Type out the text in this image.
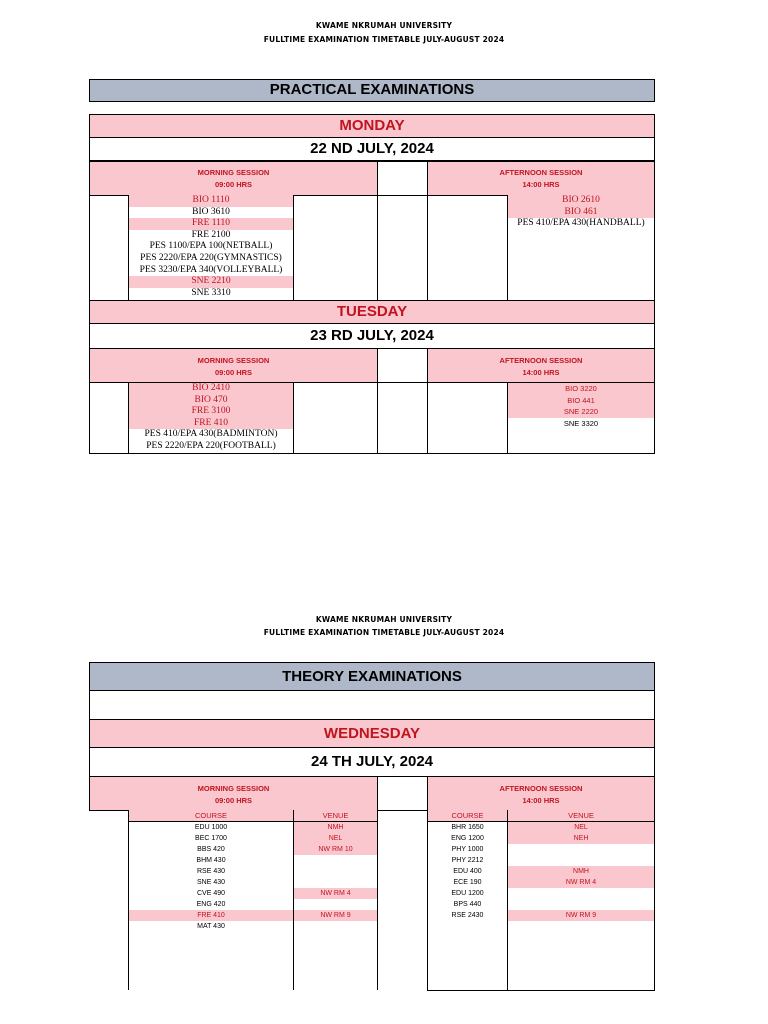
KWAME NKRUMAH UNIVERSITY
FULLTIME EXAMINATION TIMETABLE JULY-AUGUST 2024
PRACTICAL EXAMINATIONS
MONDAY
22 ND JULY, 2024
MORNING SESSION
09:00 HRS
AFTERNOON SESSION
14:00 HRS
BIO 1110
BIO 3610
FRE 1110
FRE 2100
PES 1100/EPA 100(NETBALL)
PES 2220/EPA 220(GYMNASTICS)
PES 3230/EPA 340(VOLLEYBALL)
SNE 2210
SNE 3310
BIO 2610
BIO 461
PES 410/EPA 430(HANDBALL)
TUESDAY
23 RD JULY, 2024
MORNING SESSION
09:00 HRS
AFTERNOON SESSION
14:00 HRS
BIO 2410
BIO 470
FRE 3100
FRE 410
PES 410/EPA 430(BADMINTON)
PES 2220/EPA 220(FOOTBALL)
BIO 3220
BIO 441
SNE 2220
SNE 3320
KWAME NKRUMAH UNIVERSITY
FULLTIME EXAMINATION TIMETABLE JULY-AUGUST 2024
THEORY EXAMINATIONS
WEDNESDAY
24 TH JULY, 2024
MORNING SESSION
09:00 HRS
AFTERNOON SESSION
14:00 HRS
COURSE
EDU 1000
BEC 1700
BBS 420
BHM 430
RSE 430
SNE 430
CVE 490
ENG 420
FRE 410
MAT 430
VENUE
NMH
NEL
NW RM 10
NW RM 4
NW RM 9
COURSE
BHR 1650
ENG 1200
PHY 1000
PHY 2212
EDU 400
ECE 190
EDU 1200
BPS 440
RSE 2430
VENUE
NEL
NEH
NMH
NW RM 4
NW RM 9
